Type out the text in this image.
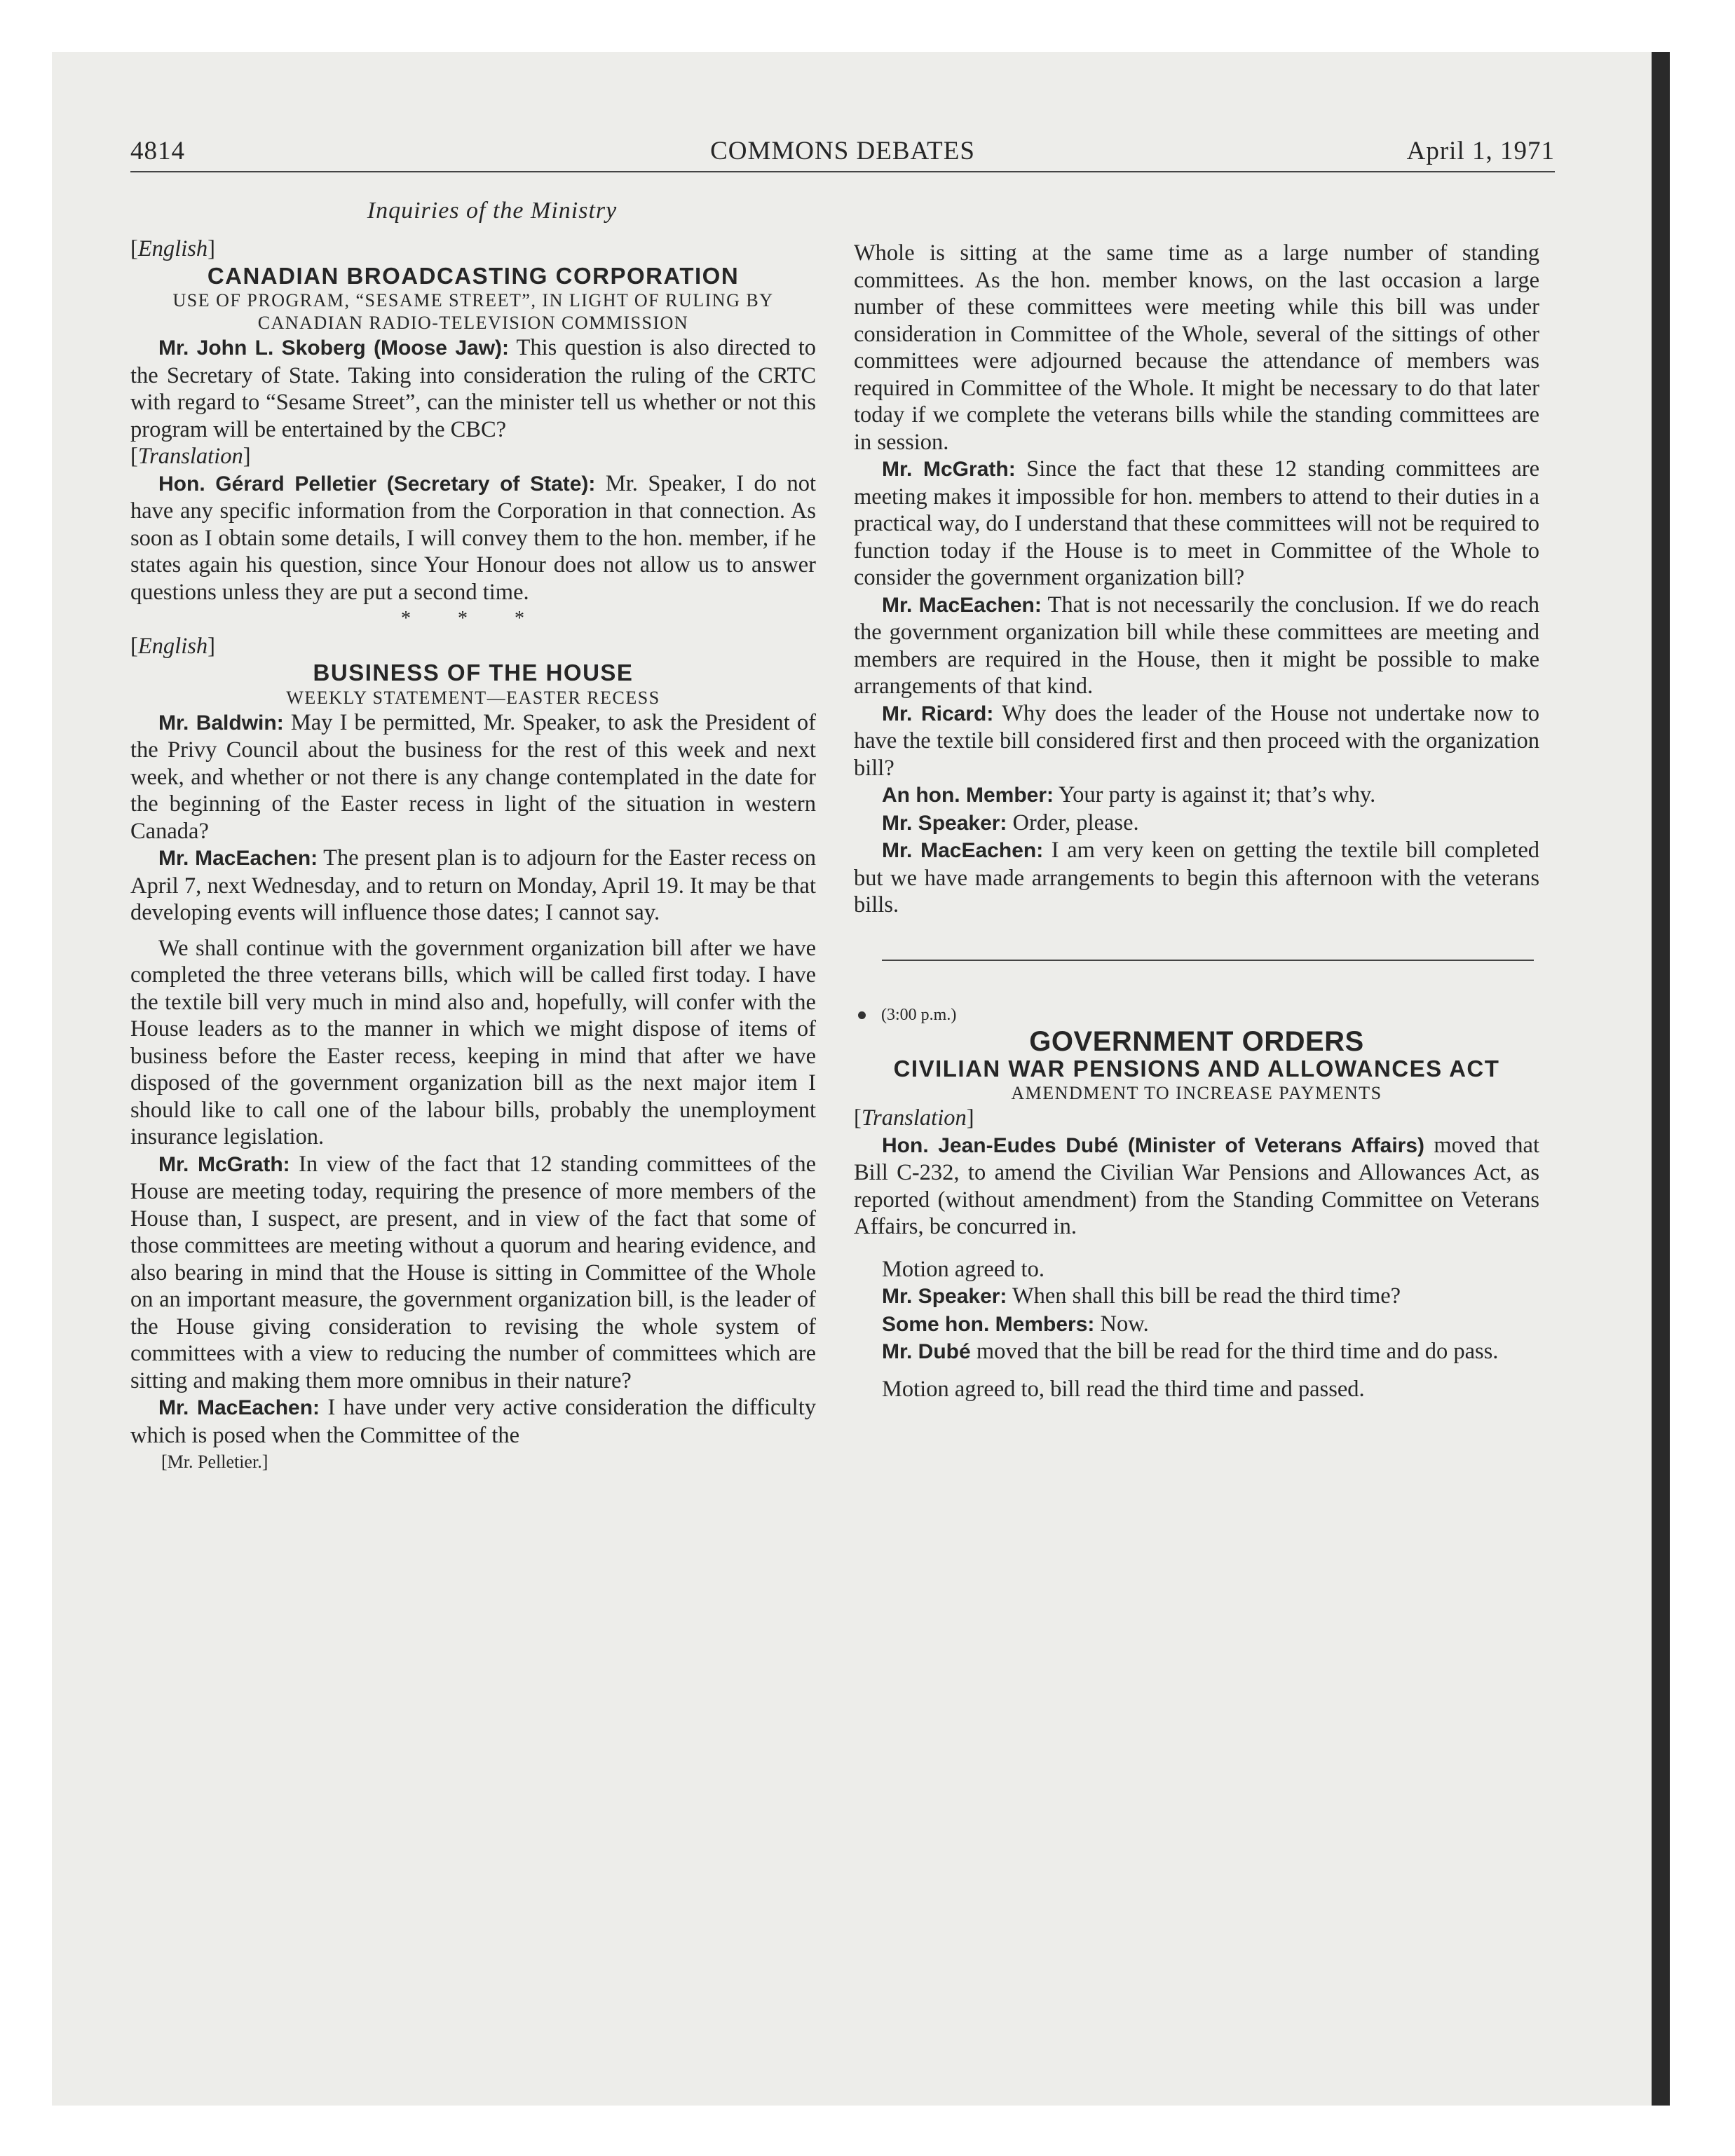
4814	COMMONS DEBATES	April 1, 1971
Inquiries of the Ministry

[English]

CANADIAN BROADCASTING CORPORATION

USE OF PROGRAM, “SESAME STREET”, IN LIGHT OF RULING BY CANADIAN RADIO-TELEVISION COMMISSION

Mr. John L. Skoberg (Moose Jaw): This question is also directed to the Secretary of State. Taking into consideration the ruling of the CRTC with regard to “Sesame Street”, can the minister tell us whether or not this program will be entertained by the CBC?

[Translation]

Hon. Gérard Pelletier (Secretary of State): Mr. Speaker, I do not have any specific information from the Corporation in that connection. As soon as I obtain some details, I will convey them to the hon. member, if he states again his question, since Your Honour does not allow us to answer questions unless they are put a second time.

* * *

[English]

BUSINESS OF THE HOUSE

WEEKLY STATEMENT—EASTER RECESS

Mr. Baldwin: May I be permitted, Mr. Speaker, to ask the President of the Privy Council about the business for the rest of this week and next week, and whether or not there is any change contemplated in the date for the beginning of the Easter recess in light of the situation in western Canada?

Mr. MacEachen: The present plan is to adjourn for the Easter recess on April 7, next Wednesday, and to return on Monday, April 19. It may be that developing events will influence those dates; I cannot say.

We shall continue with the government organization bill after we have completed the three veterans bills, which will be called first today. I have the textile bill very much in mind also and, hopefully, will confer with the House leaders as to the manner in which we might dispose of items of business before the Easter recess, keeping in mind that after we have disposed of the government organization bill as the next major item I should like to call one of the labour bills, probably the unemployment insurance legislation.

Mr. McGrath: In view of the fact that 12 standing committees of the House are meeting today, requiring the presence of more members of the House than, I suspect, are present, and in view of the fact that some of those committees are meeting without a quorum and hearing evidence, and also bearing in mind that the House is sitting in Committee of the Whole on an important measure, the government organization bill, is the leader of the House giving consideration to revising the whole system of committees with a view to reducing the number of committees which are sitting and making them more omnibus in their nature?

Mr. MacEachen: I have under very active consideration the difficulty which is posed when the Committee of the

[Mr. Pelletier.]

Whole is sitting at the same time as a large number of standing committees. As the hon. member knows, on the last occasion a large number of these committees were meeting while this bill was under consideration in Committee of the Whole, several of the sittings of other committees were adjourned because the attendance of members was required in Committee of the Whole. It might be necessary to do that later today if we complete the veterans bills while the standing committees are in session.

Mr. McGrath: Since the fact that these 12 standing committees are meeting makes it impossible for hon. members to attend to their duties in a practical way, do I understand that these committees will not be required to function today if the House is to meet in Committee of the Whole to consider the government organization bill?

Mr. MacEachen: That is not necessarily the conclusion. If we do reach the government organization bill while these committees are meeting and members are required in the House, then it might be possible to make arrangements of that kind.

Mr. Ricard: Why does the leader of the House not undertake now to have the textile bill considered first and then proceed with the organization bill?

An hon. Member: Your party is against it; that’s why.

Mr. Speaker: Order, please.

Mr. MacEachen: I am very keen on getting the textile bill completed but we have made arrangements to begin this afternoon with the veterans bills.

(3:00 p.m.)

GOVERNMENT ORDERS

CIVILIAN WAR PENSIONS AND ALLOWANCES ACT

AMENDMENT TO INCREASE PAYMENTS

[Translation]

Hon. Jean-Eudes Dubé (Minister of Veterans Affairs) moved that Bill C-232, to amend the Civilian War Pensions and Allowances Act, as reported (without amendment) from the Standing Committee on Veterans Affairs, be concurred in.

Motion agreed to.

Mr. Speaker: When shall this bill be read the third time?

Some hon. Members: Now.

Mr. Dubé moved that the bill be read for the third time and do pass.

Motion agreed to, bill read the third time and passed.
